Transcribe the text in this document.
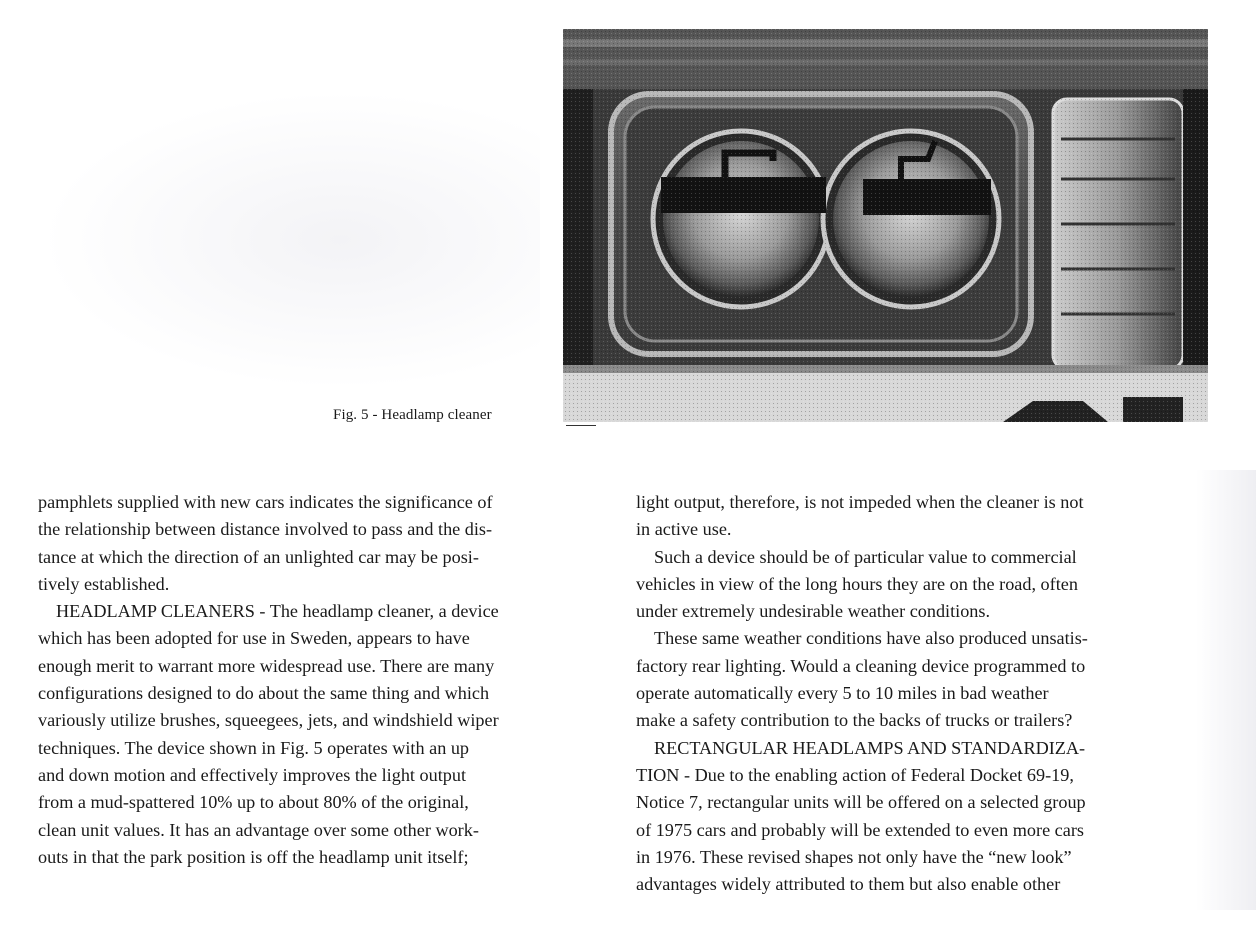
Fig. 5 - Headlamp cleaner
pamphlets supplied with new cars indicates the significance of
the relationship between distance involved to pass and the dis-
tance at which the direction of an unlighted car may be posi-
tively established.
HEADLAMP CLEANERS - The headlamp cleaner, a device
which has been adopted for use in Sweden, appears to have
enough merit to warrant more widespread use. There are many
configurations designed to do about the same thing and which
variously utilize brushes, squeegees, jets, and windshield wiper
techniques. The device shown in Fig. 5 operates with an up
and down motion and effectively improves the light output
from a mud-spattered 10% up to about 80% of the original,
clean unit values. It has an advantage over some other work-
outs in that the park position is off the headlamp unit itself;
light output, therefore, is not impeded when the cleaner is not
in active use.
Such a device should be of particular value to commercial
vehicles in view of the long hours they are on the road, often
under extremely undesirable weather conditions.
These same weather conditions have also produced unsatis-
factory rear lighting. Would a cleaning device programmed to
operate automatically every 5 to 10 miles in bad weather
make a safety contribution to the backs of trucks or trailers?
RECTANGULAR HEADLAMPS AND STANDARDIZA-
TION - Due to the enabling action of Federal Docket 69-19,
Notice 7, rectangular units will be offered on a selected group
of 1975 cars and probably will be extended to even more cars
in 1976. These revised shapes not only have the “new look”
advantages widely attributed to them but also enable other
